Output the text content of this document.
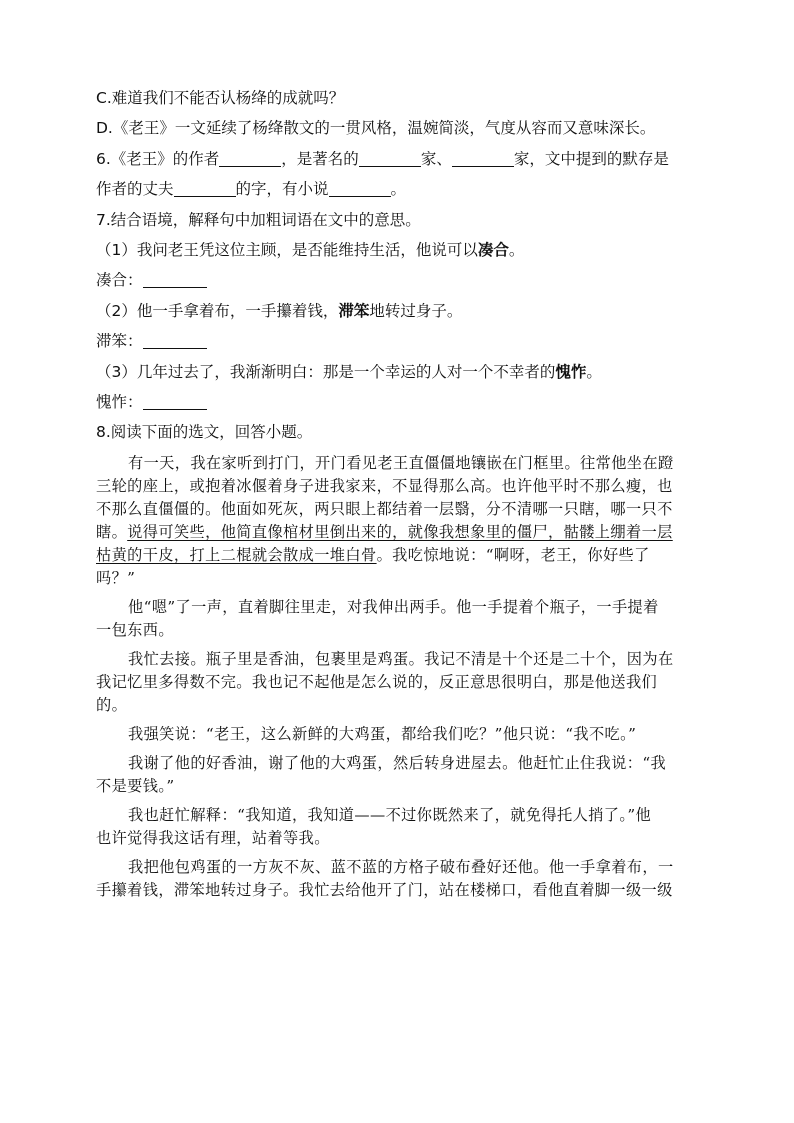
C.难道我们不能否认杨绛的成就吗？
D.《老王》一文延续了杨绛散文的一贯风格，温婉简淡，气度从容而又意味深长。
6.《老王》的作者	，是著名的	家、	家，文中提到的默存是
作者的丈夫	的字，有小说	。
7.结合语境，解释句中加粗词语在文中的意思。
（1）我问老王凭这位主顾，是否能维持生活，他说可以凑合。
凑合：
（2）他一手拿着布，一手攥着钱，滞笨地转过身子。
滞笨：
（3）几年过去了，我渐渐明白：那是一个幸运的人对一个不幸者的愧怍。
愧怍：
8.阅读下面的选文，回答小题。
有一天，我在家听到打门，开门看见老王直僵僵地镶嵌在门框里。往常他坐在蹬
三轮的座上，或抱着冰偃着身子进我家来，不显得那么高。也许他平时不那么瘦，也
不那么直僵僵的。他面如死灰，两只眼上都结着一层翳，分不清哪一只瞎，哪一只不
瞎。说得可笑些，他简直像棺材里倒出来的，就像我想象里的僵尸，骷髅上绷着一层
枯黄的干皮，打上二棍就会散成一堆白骨。我吃惊地说：“啊呀，老王，你好些了
吗？”
他“嗯”了一声，直着脚往里走，对我伸出两手。他一手提着个瓶子，一手提着
一包东西。
我忙去接。瓶子里是香油，包裹里是鸡蛋。我记不清是十个还是二十个，因为在
我记忆里多得数不完。我也记不起他是怎么说的，反正意思很明白，那是他送我们
的。
我强笑说：“老王，这么新鲜的大鸡蛋，都给我们吃？”他只说：“我不吃。”
我谢了他的好香油，谢了他的大鸡蛋，然后转身进屋去。他赶忙止住我说：“我
不是要钱。”
我也赶忙解释：“我知道，我知道——不过你既然来了，就免得托人捎了。”他
也许觉得我这话有理，站着等我。
我把他包鸡蛋的一方灰不灰、蓝不蓝的方格子破布叠好还他。他一手拿着布，一
手攥着钱，滞笨地转过身子。我忙去给他开了门，站在楼梯口，看他直着脚一级一级
